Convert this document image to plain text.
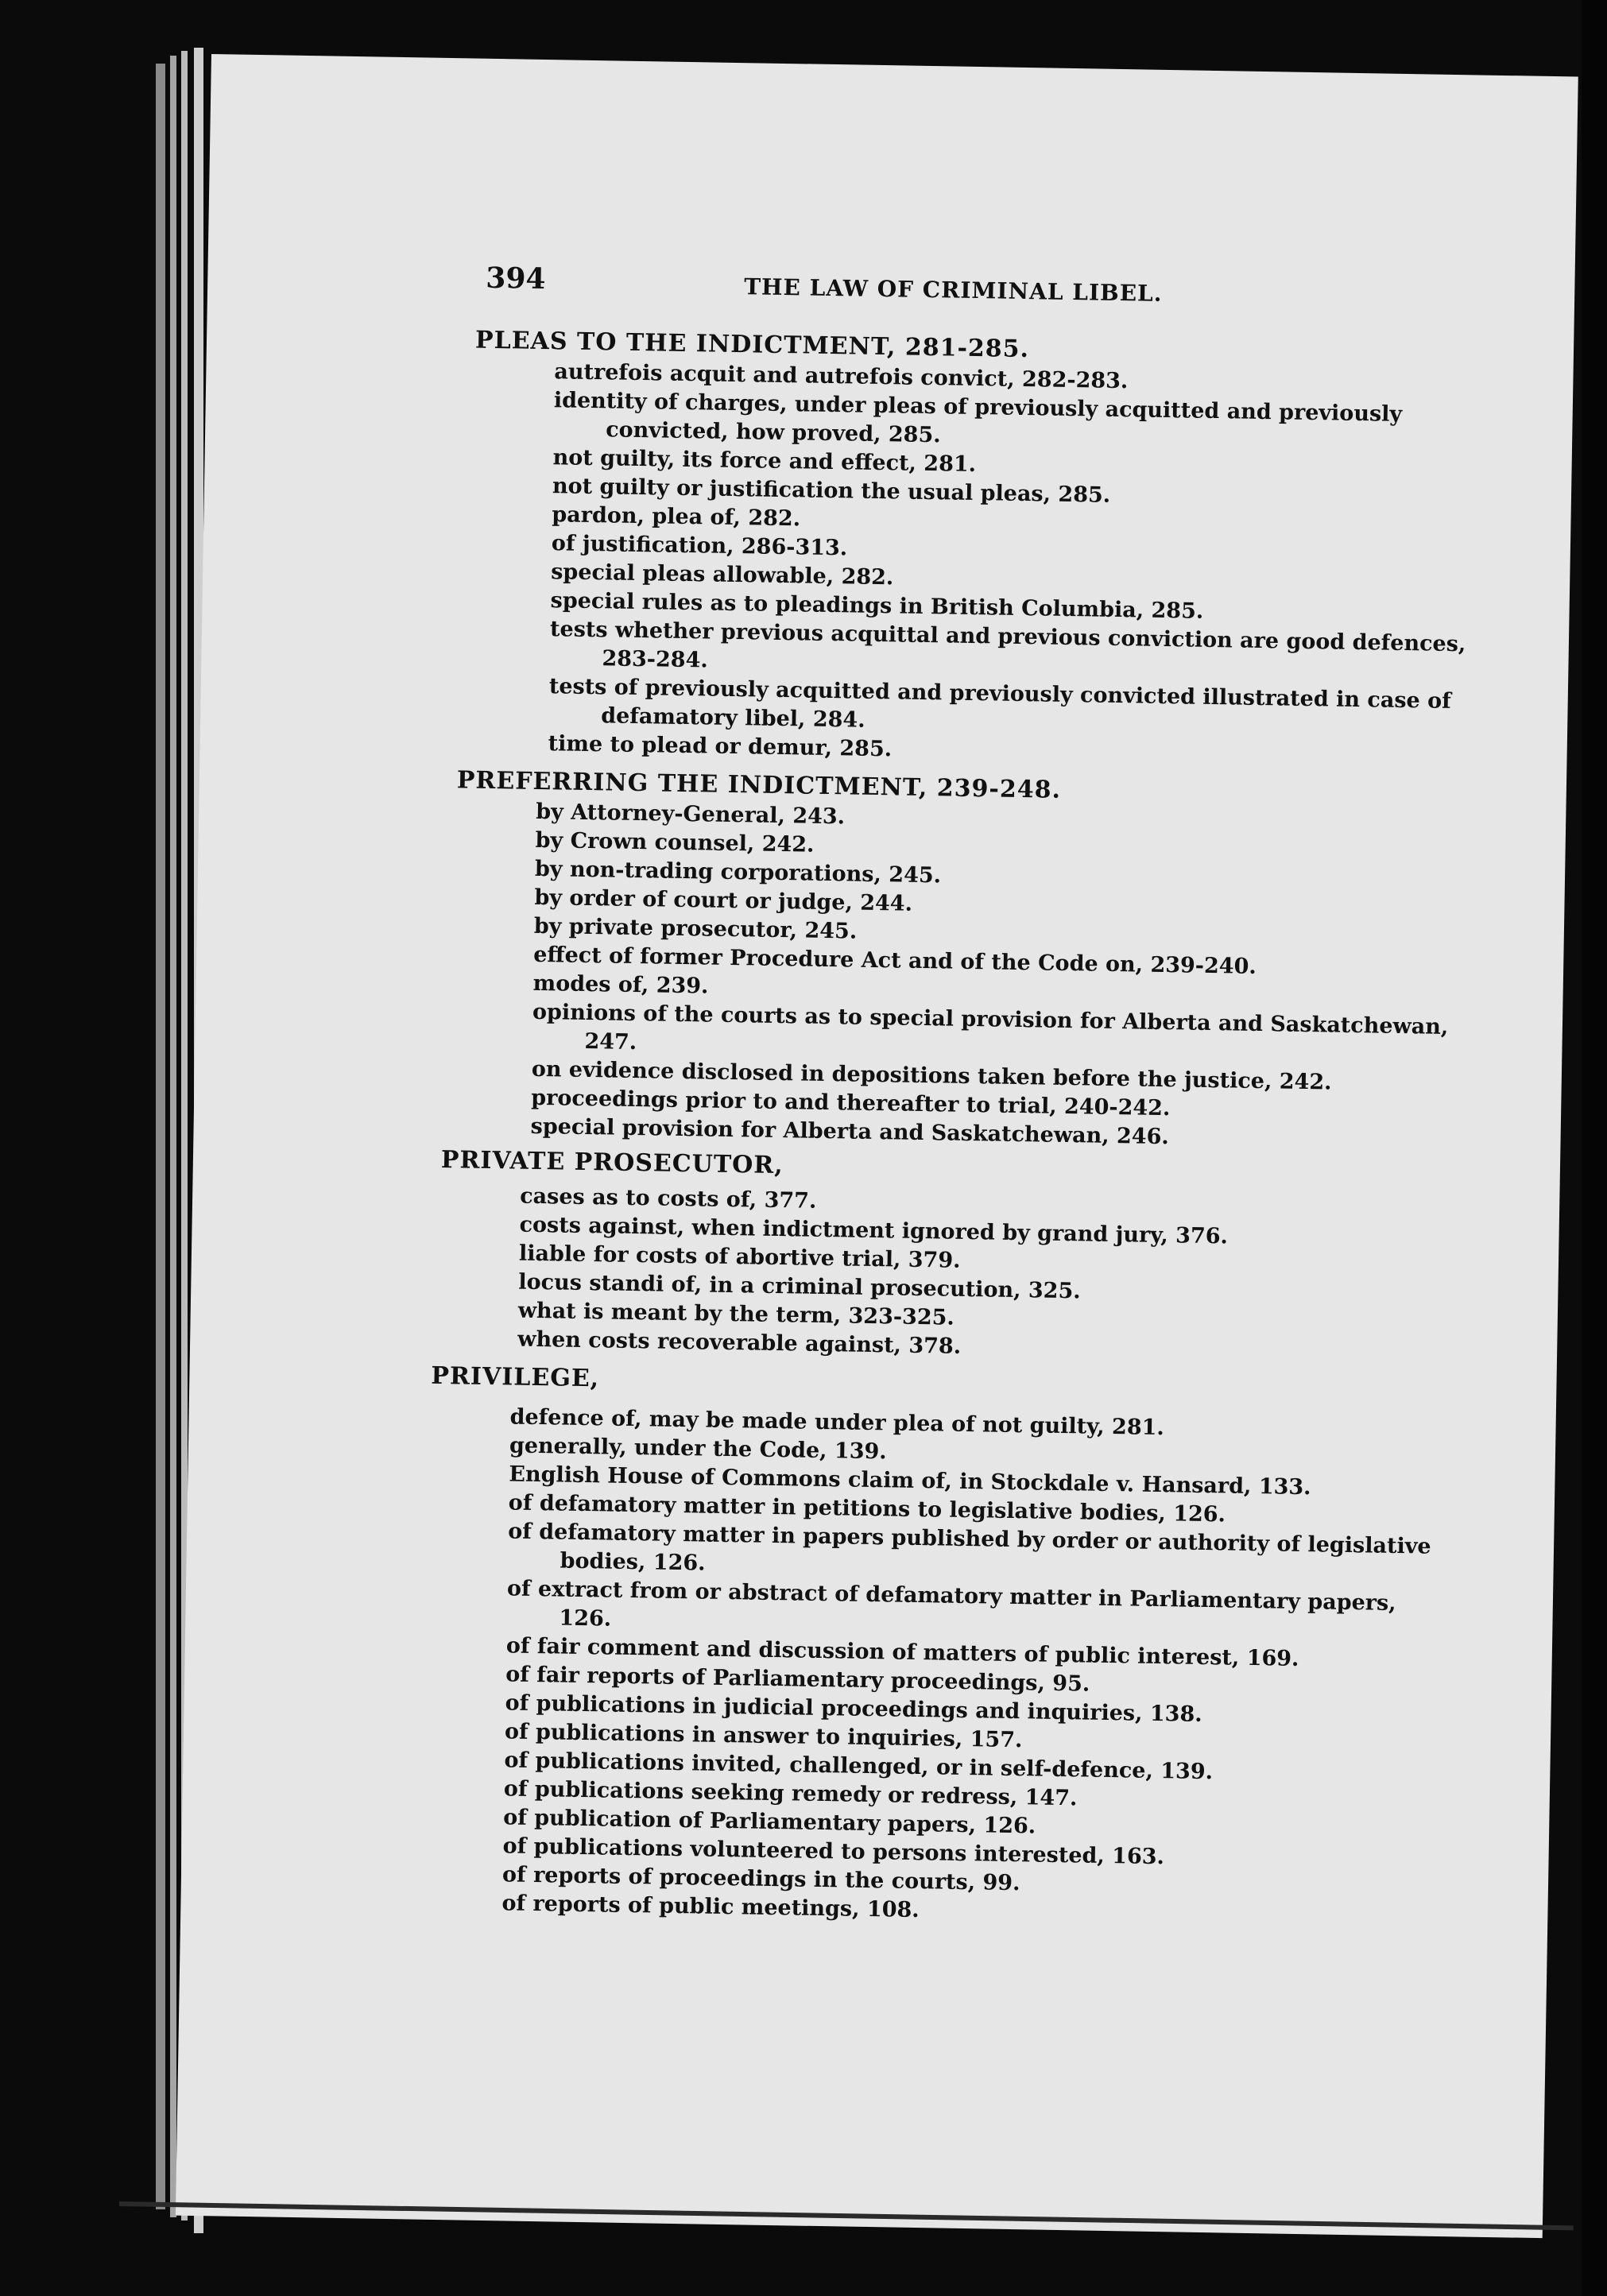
394	THE LAW OF CRIMINAL LIBEL.
PLEAS TO THE INDICTMENT, 281-285.
autrefois acquit and autrefois convict, 282-283.
identity of charges, under pleas of previously acquitted and previously convicted, how proved, 285.
not guilty, its force and effect, 281.
not guilty or justification the usual pleas, 285.
pardon, plea of, 282.
of justification, 286-313.
special pleas allowable, 282.
special rules as to pleadings in British Columbia, 285.
tests whether previous acquittal and previous conviction are good defences, 283-284.
tests of previously acquitted and previously convicted illustrated in case of defamatory libel, 284.
time to plead or demur, 285.
PREFERRING THE INDICTMENT, 239-248.
by Attorney-General, 243.
by Crown counsel, 242.
by non-trading corporations, 245.
by order of court or judge, 244.
by private prosecutor, 245.
effect of former Procedure Act and of the Code on, 239-240.
modes of, 239.
opinions of the courts as to special provision for Alberta and Saskatchewan, 247.
on evidence disclosed in depositions taken before the justice, 242.
proceedings prior to and thereafter to trial, 240-242.
special provision for Alberta and Saskatchewan, 246.
PRIVATE PROSECUTOR,
cases as to costs of, 377.
costs against, when indictment ignored by grand jury, 376.
liable for costs of abortive trial, 379.
locus standi of, in a criminal prosecution, 325.
what is meant by the term, 323-325.
when costs recoverable against, 378.
PRIVILEGE,
defence of, may be made under plea of not guilty, 281.
generally, under the Code, 139.
English House of Commons claim of, in Stockdale v. Hansard, 133.
of defamatory matter in petitions to legislative bodies, 126.
of defamatory matter in papers published by order or authority of legislative bodies, 126.
of extract from or abstract of defamatory matter in Parliamentary papers, 126.
of fair comment and discussion of matters of public interest, 169.
of fair reports of Parliamentary proceedings, 95.
of publications in judicial proceedings and inquiries, 138.
of publications in answer to inquiries, 157.
of publications invited, challenged, or in self-defence, 139.
of publications seeking remedy or redress, 147.
of publication of Parliamentary papers, 126.
of publications volunteered to persons interested, 163.
of reports of proceedings in the courts, 99.
of reports of public meetings, 108.
